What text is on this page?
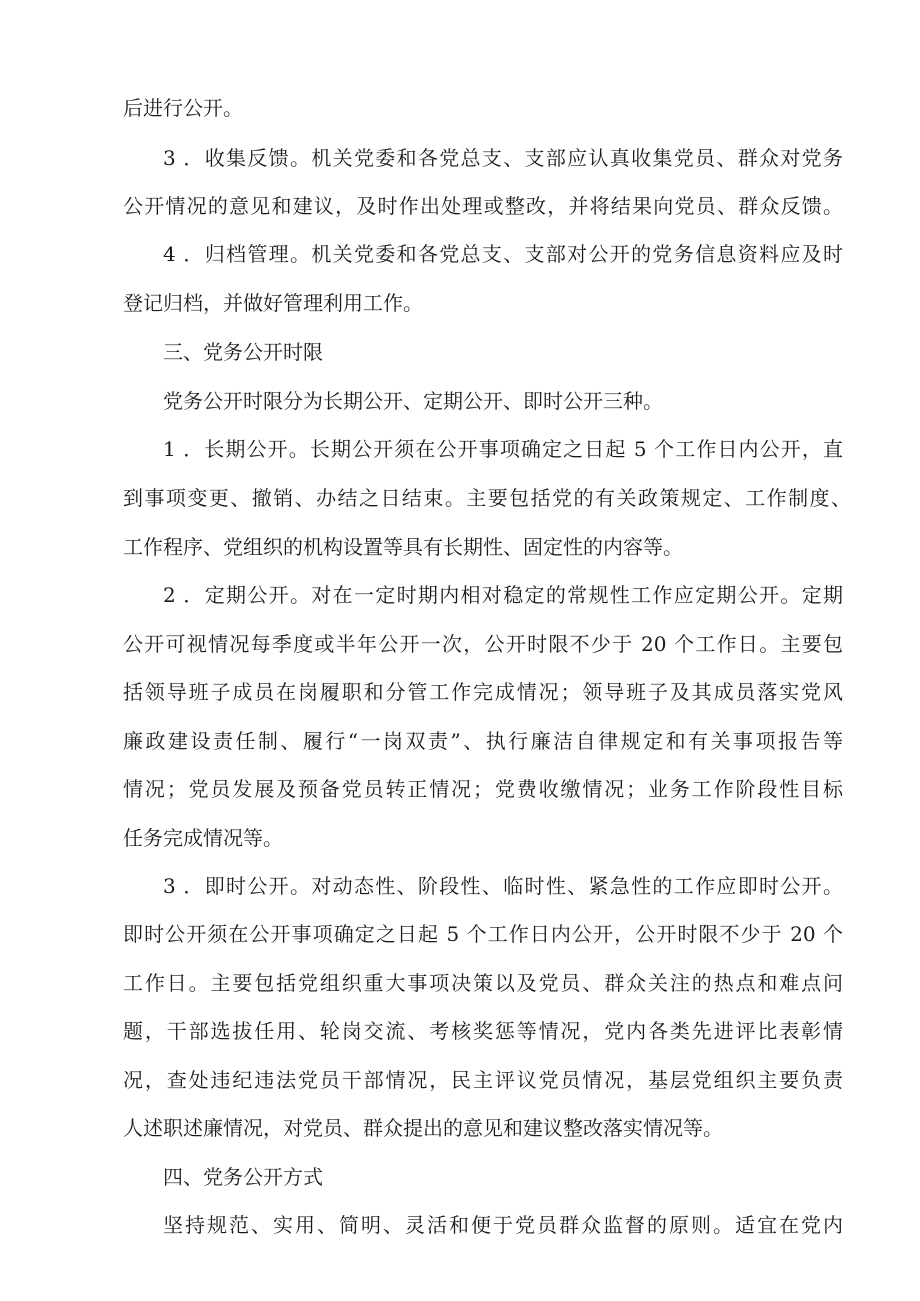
后进行公开。
3 ．收集反馈。机关党委和各党总支、支部应认真收集党员、群众对党务
公开情况的意见和建议，及时作出处理或整改，并将结果向党员、群众反馈。
4 ．归档管理。机关党委和各党总支、支部对公开的党务信息资料应及时
登记归档，并做好管理利用工作。
三、党务公开时限
党务公开时限分为长期公开、定期公开、即时公开三种。
1 ．长期公开。长期公开须在公开事项确定之日起 5 个工作日内公开，直
到事项变更、撤销、办结之日结束。主要包括党的有关政策规定、工作制度、
工作程序、党组织的机构设置等具有长期性、固定性的内容等。
2 ．定期公开。对在一定时期内相对稳定的常规性工作应定期公开。定期
公开可视情况每季度或半年公开一次，公开时限不少于 20 个工作日。主要包
括领导班子成员在岗履职和分管工作完成情况；领导班子及其成员落实党风
廉政建设责任制、履行“一岗双责”、执行廉洁自律规定和有关事项报告等
情况；党员发展及预备党员转正情况；党费收缴情况；业务工作阶段性目标
任务完成情况等。
3 ．即时公开。对动态性、阶段性、临时性、紧急性的工作应即时公开。
即时公开须在公开事项确定之日起 5 个工作日内公开，公开时限不少于 20 个
工作日。主要包括党组织重大事项决策以及党员、群众关注的热点和难点问
题，干部选拔任用、轮岗交流、考核奖惩等情况，党内各类先进评比表彰情
况，查处违纪违法党员干部情况，民主评议党员情况，基层党组织主要负责
人述职述廉情况，对党员、群众提出的意见和建议整改落实情况等。
四、党务公开方式
坚持规范、实用、简明、灵活和便于党员群众监督的原则。适宜在党内
